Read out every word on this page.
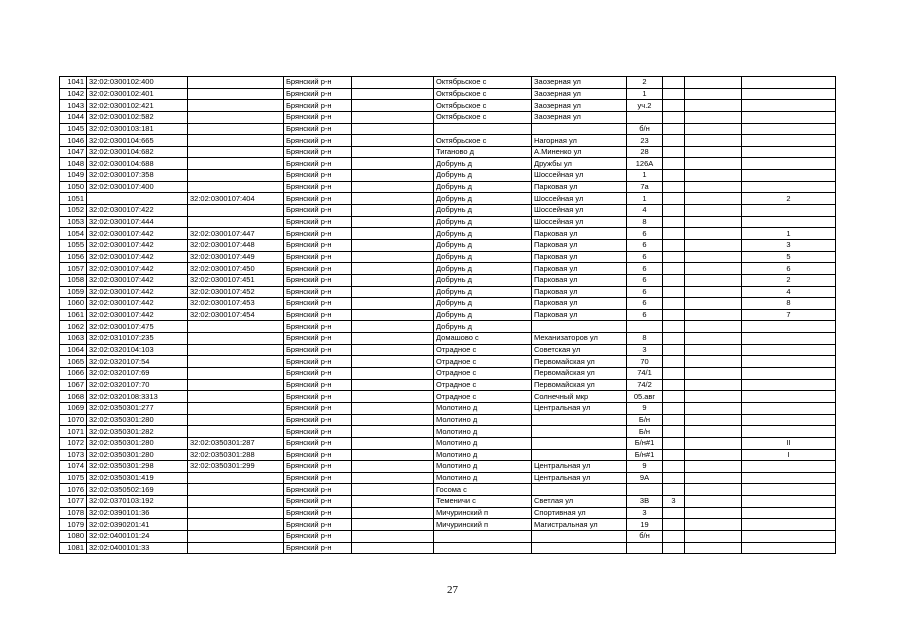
1041	32:02:0300102:400		Брянский р-н		Октябрьское с	Заозерная ул	2			
1042	32:02:0300102:401		Брянский р-н		Октябрьское с	Заозерная ул	1			
1043	32:02:0300102:421		Брянский р-н		Октябрьское с	Заозерная ул	уч.2			
1044	32:02:0300102:582		Брянский р-н		Октябрьское с	Заозерная ул				
1045	32:02:0300103:181		Брянский р-н				б/н			
1046	32:02:0300104:665		Брянский р-н		Октябрьское с	Нагорная ул	23			
1047	32:02:0300104:682		Брянский р-н		Тиганово д	А.Миненко ул	28			
1048	32:02:0300104:688		Брянский р-н		Добрунь д	Дружбы ул	126А			
1049	32:02:0300107:358		Брянский р-н		Добрунь д	Шоссейная ул	1			
1050	32:02:0300107:400		Брянский р-н		Добрунь д	Парковая ул	7а			
1051		32:02:0300107:404	Брянский р-н		Добрунь д	Шоссейная ул	1			2
1052	32:02:0300107:422		Брянский р-н		Добрунь д	Шоссейная ул	4			
1053	32:02:0300107:444		Брянский р-н		Добрунь д	Шоссейная ул	8			
1054	32:02:0300107:442	32:02:0300107:447	Брянский р-н		Добрунь д	Парковая ул	6			1
1055	32:02:0300107:442	32:02:0300107:448	Брянский р-н		Добрунь д	Парковая ул	6			3
1056	32:02:0300107:442	32:02:0300107:449	Брянский р-н		Добрунь д	Парковая ул	6			5
1057	32:02:0300107:442	32:02:0300107:450	Брянский р-н		Добрунь д	Парковая ул	6			6
1058	32:02:0300107:442	32:02:0300107:451	Брянский р-н		Добрунь д	Парковая ул	6			2
1059	32:02:0300107:442	32:02:0300107:452	Брянский р-н		Добрунь д	Парковая ул	6			4
1060	32:02:0300107:442	32:02:0300107:453	Брянский р-н		Добрунь д	Парковая ул	6			8
1061	32:02:0300107:442	32:02:0300107:454	Брянский р-н		Добрунь д	Парковая ул	6			7
1062	32:02:0300107:475		Брянский р-н		Добрунь д					
1063	32:02:0310107:235		Брянский р-н		Домашово с	Механизаторов ул	8			
1064	32:02:0320104:103		Брянский р-н		Отрадное с	Советская ул	3			
1065	32:02:0320107:54		Брянский р-н		Отрадное с	Первомайская ул	70			
1066	32:02:0320107:69		Брянский р-н		Отрадное с	Первомайская ул	74/1			
1067	32:02:0320107:70		Брянский р-н		Отрадное с	Первомайская ул	74/2			
1068	32:02:0320108:3313		Брянский р-н		Отрадное с	Солнечный мкр	05.авг			
1069	32:02:0350301:277		Брянский р-н		Молотино д	Центральная ул	9			
1070	32:02:0350301:280		Брянский р-н		Молотино д		Б/н			
1071	32:02:0350301:282		Брянский р-н		Молотино д		Б/н			
1072	32:02:0350301:280	32:02:0350301:287	Брянский р-н		Молотино д		Б/н#1			II
1073	32:02:0350301:280	32:02:0350301:288	Брянский р-н		Молотино д		Б/н#1			I
1074	32:02:0350301:298	32:02:0350301:299	Брянский р-н		Молотино д	Центральная ул	9			
1075	32:02:0350301:419		Брянский р-н		Молотино д	Центральная ул	9А			
1076	32:02:0350502:169		Брянский р-н		Госома с					
1077	32:02:0370103:192		Брянский р-н		Теменичи с	Светлая ул	3В	3		
1078	32:02:0390101:36		Брянский р-н		Мичуринский п	Спортивная ул	3			
1079	32:02:0390201:41		Брянский р-н		Мичуринский п	Магистральная ул	19			
1080	32:02:0400101:24		Брянский р-н				б/н			
1081	32:02:0400101:33		Брянский р-н							
27
